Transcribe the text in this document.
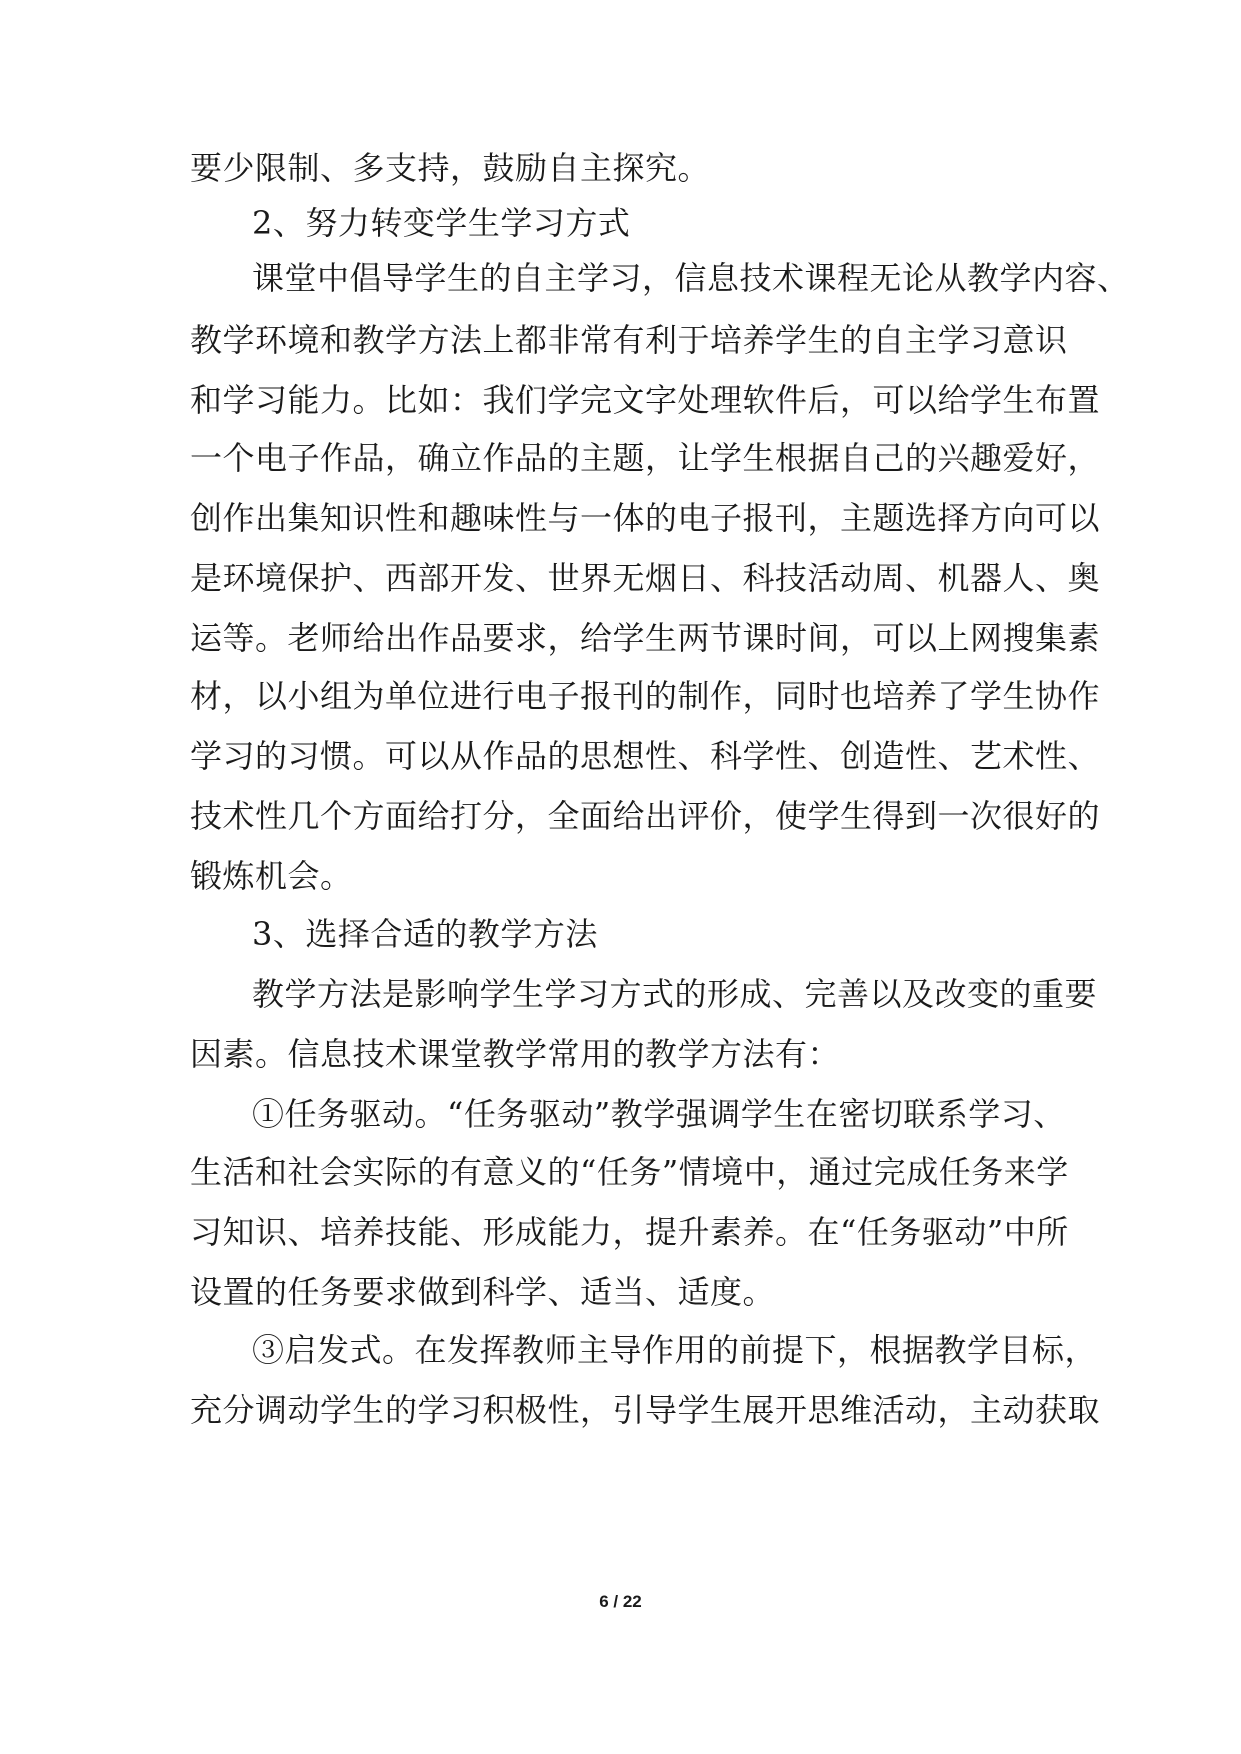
要少限制、多支持，鼓励自主探究。
2、努力转变学生学习方式
课堂中倡导学生的自主学习，信息技术课程无论从教学内容、
教学环境和教学方法上都非常有利于培养学生的自主学习意识
和学习能力。比如：我们学完文字处理软件后，可以给学生布置
一个电子作品，确立作品的主题，让学生根据自己的兴趣爱好，
创作出集知识性和趣味性与一体的电子报刊，主题选择方向可以
是环境保护、西部开发、世界无烟日、科技活动周、机器人、奥
运等。老师给出作品要求，给学生两节课时间，可以上网搜集素
材，以小组为单位进行电子报刊的制作，同时也培养了学生协作
学习的习惯。可以从作品的思想性、科学性、创造性、艺术性、
技术性几个方面给打分，全面给出评价，使学生得到一次很好的
锻炼机会。
3、选择合适的教学方法
教学方法是影响学生学习方式的形成、完善以及改变的重要
因素。信息技术课堂教学常用的教学方法有：
①任务驱动。“任务驱动”教学强调学生在密切联系学习、
生活和社会实际的有意义的“任务”情境中，通过完成任务来学
习知识、培养技能、形成能力，提升素养。在“任务驱动”中所
设置的任务要求做到科学、适当、适度。
③启发式。在发挥教师主导作用的前提下，根据教学目标，
充分调动学生的学习积极性，引导学生展开思维活动，主动获取
6 / 22
